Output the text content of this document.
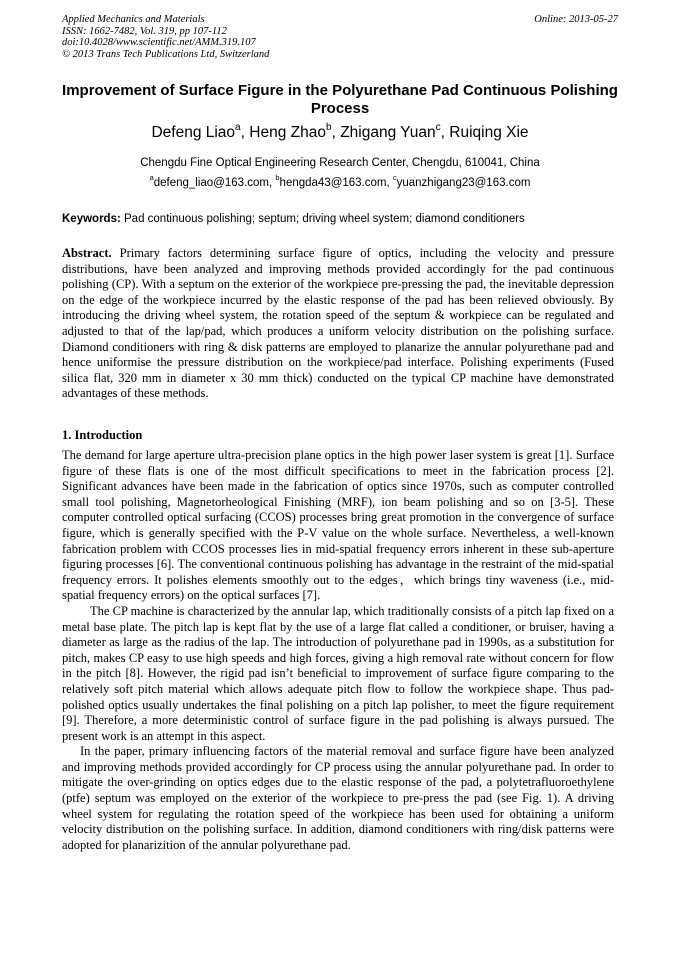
Applied Mechanics and Materials
ISSN: 1662-7482, Vol. 319, pp 107-112
doi:10.4028/www.scientific.net/AMM.319.107
© 2013 Trans Tech Publications Ltd, Switzerland
Online: 2013-05-27
Improvement of Surface Figure in the Polyurethane Pad Continuous Polishing Process
Defeng Liao$^a$, Heng Zhao$^b$, Zhigang Yuan$^c$, Ruiqing Xie
Chengdu Fine Optical Engineering Research Center, Chengdu, 610041, China
$^a$defeng_liao@163.com, $^b$hengda43@163.com, $^c$yuanzhigang23@163.com
Keywords: Pad continuous polishing; septum; driving wheel system; diamond conditioners
Abstract. Primary factors determining surface figure of optics, including the velocity and pressure distributions, have been analyzed and improving methods provided accordingly for the pad continuous polishing (CP). With a septum on the exterior of the workpiece pre-pressing the pad, the inevitable depression on the edge of the workpiece incurred by the elastic response of the pad has been relieved obviously. By introducing the driving wheel system, the rotation speed of the septum & workpiece can be regulated and adjusted to that of the lap/pad, which produces a uniform velocity distribution on the polishing surface. Diamond conditioners with ring & disk patterns are employed to planarize the annular polyurethane pad and hence uniformise the pressure distribution on the workpiece/pad interface. Polishing experiments (Fused silica flat, 320 mm in diameter x 30 mm thick) conducted on the typical CP machine have demonstrated advantages of these methods.
1. Introduction

The demand for large aperture ultra-precision plane optics in the high power laser system is great [1]. Surface figure of these flats is one of the most difficult specifications to meet in the fabrication process [2]. Significant advances have been made in the fabrication of optics since 1970s, such as computer controlled small tool polishing, Magnetorheological Finishing (MRF), ion beam polishing and so on [3-5]. These computer controlled optical surfacing (CCOS) processes bring great promotion in the convergence of surface figure, which is generally specified with the P-V value on the whole surface. Nevertheless, a well-known fabrication problem with CCOS processes lies in mid-spatial frequency errors inherent in these sub-aperture figuring processes [6]. The conventional continuous polishing has advantage in the restraint of the mid-spatial frequency errors. It polishes elements smoothly out to the edges，which brings tiny waveness (i.e., mid-spatial frequency errors) on the optical surfaces [7].

The CP machine is characterized by the annular lap, which traditionally consists of a pitch lap fixed on a metal base plate. The pitch lap is kept flat by the use of a large flat called a conditioner, or bruiser, having a diameter as large as the radius of the lap. The introduction of polyurethane pad in 1990s, as a substitution for pitch, makes CP easy to use high speeds and high forces, giving a high removal rate without concern for flow in the pitch [8]. However, the rigid pad isn’t beneficial to improvement of surface figure comparing to the relatively soft pitch material which allows adequate pitch flow to follow the workpiece shape. Thus pad-polished optics usually undertakes the final polishing on a pitch lap polisher, to meet the figure requirement [9]. Therefore, a more deterministic control of surface figure in the pad polishing is always pursued. The present work is an attempt in this aspect.

In the paper, primary influencing factors of the material removal and surface figure have been analyzed and improving methods provided accordingly for CP process using the annular polyurethane pad. In order to mitigate the over-grinding on optics edges due to the elastic response of the pad, a polytetrafluoroethylene (ptfe) septum was employed on the exterior of the workpiece to pre-press the pad (see Fig. 1). A driving wheel system for regulating the rotation speed of the workpiece has been used for obtaining a uniform velocity distribution on the polishing surface. In addition, diamond conditioners with ring/disk patterns were adopted for planarizition of the annular polyurethane pad.
